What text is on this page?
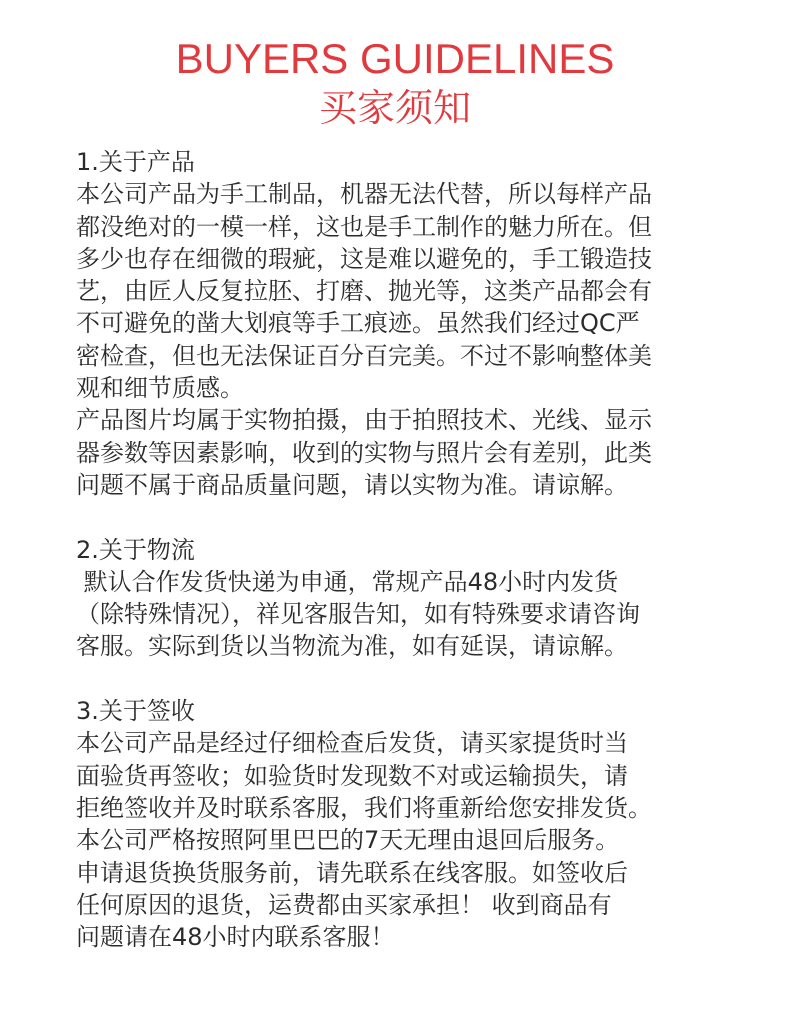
BUYERS GUIDELINES
买家须知
1.关于产品

本公司产品为手工制品，机器无法代替，所以每样产品

都没绝对的一模一样，这也是手工制作的魅力所在。但

多少也存在细微的瑕疵，这是难以避免的，手工锻造技

艺，由匠人反复拉胚、打磨、抛光等，这类产品都会有

不可避免的凿大划痕等手工痕迹。虽然我们经过QC严

密检查，但也无法保证百分百完美。不过不影响整体美

观和细节质感。

产品图片均属于实物拍摄，由于拍照技术、光线、显示

器参数等因素影响，收到的实物与照片会有差别，此类

问题不属于商品质量问题，请以实物为准。请谅解。

2.关于物流

默认合作发货快递为申通，常规产品48小时内发货

（除特殊情况），祥见客服告知，如有特殊要求请咨询

客服。实际到货以当物流为准，如有延误，请谅解。

3.关于签收

本公司产品是经过仔细检查后发货，请买家提货时当

面验货再签收；如验货时发现数不对或运输损失，请

拒绝签收并及时联系客服，我们将重新给您安排发货。

本公司严格按照阿里巴巴的7天无理由退回后服务。

申请退货换货服务前，请先联系在线客服。如签收后

任何原因的退货，运费都由买家承担！ 收到商品有

问题请在48小时内联系客服！
